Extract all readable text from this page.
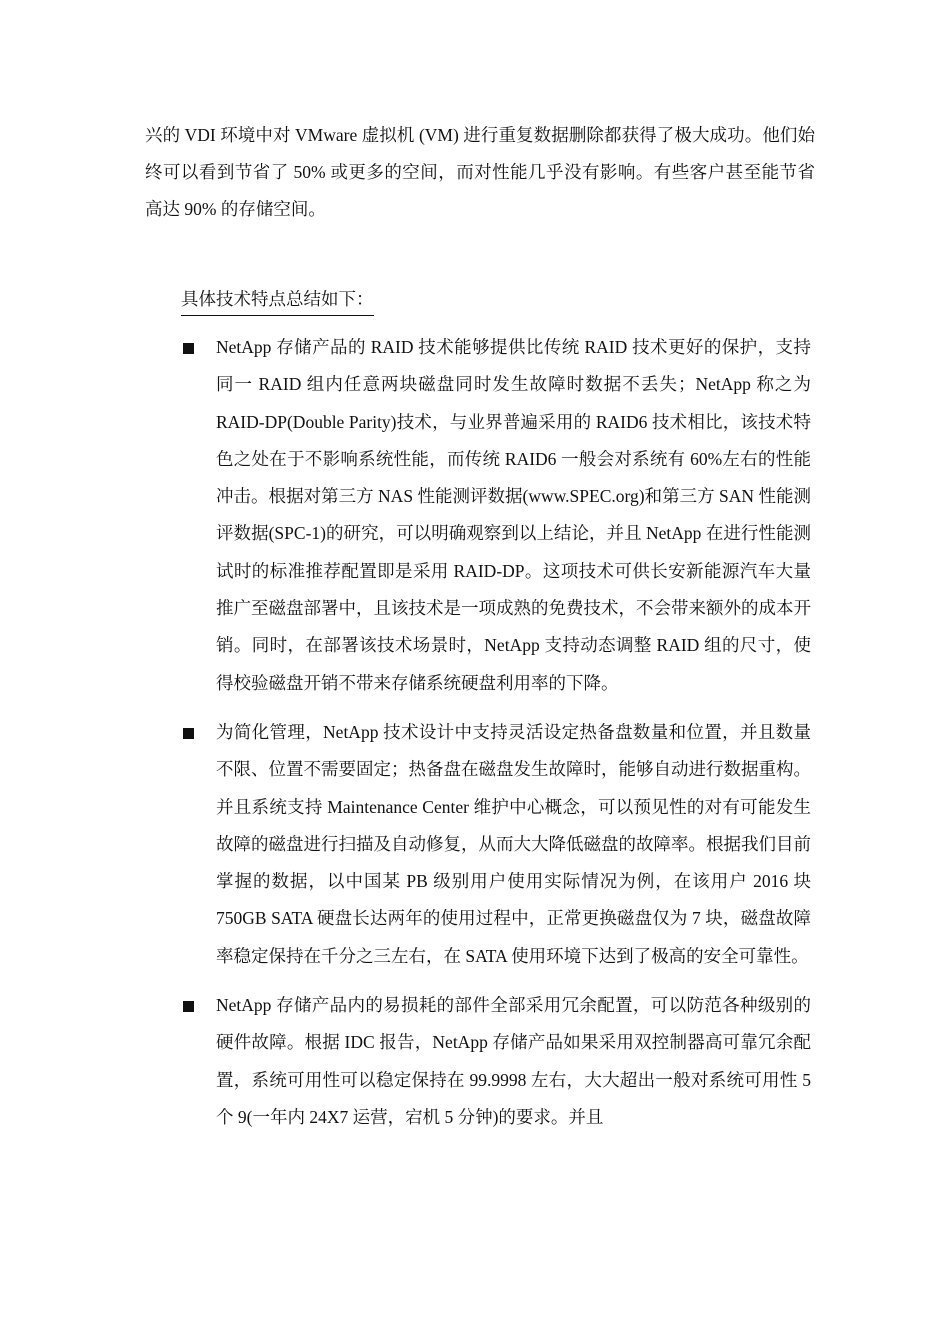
兴的 VDI 环境中对 VMware 虚拟机 (VM) 进行重复数据删除都获得了极大成功。他们始终可以看到节省了 50% 或更多的空间，而对性能几乎没有影响。有些客户甚至能节省高达 90% 的存储空间。

具体技术特点总结如下：

NetApp 存储产品的 RAID 技术能够提供比传统 RAID 技术更好的保护，支持同一 RAID 组内任意两块磁盘同时发生故障时数据不丢失；NetApp 称之为 RAID-DP(Double Parity)技术，与业界普遍采用的 RAID6 技术相比，该技术特色之处在于不影响系统性能，而传统 RAID6 一般会对系统有 60%左右的性能冲击。根据对第三方 NAS 性能测评数据(www.SPEC.org)和第三方 SAN 性能测评数据(SPC-1)的研究，可以明确观察到以上结论，并且 NetApp 在进行性能测试时的标准推荐配置即是采用 RAID-DP。这项技术可供长安新能源汽车大量推广至磁盘部署中，且该技术是一项成熟的免费技术，不会带来额外的成本开销。同时，在部署该技术场景时，NetApp 支持动态调整 RAID 组的尺寸，使得校验磁盘开销不带来存储系统硬盘利用率的下降。
为简化管理，NetApp 技术设计中支持灵活设定热备盘数量和位置，并且数量不限、位置不需要固定；热备盘在磁盘发生故障时，能够自动进行数据重构。并且系统支持 Maintenance Center 维护中心概念，可以预见性的对有可能发生故障的磁盘进行扫描及自动修复，从而大大降低磁盘的故障率。根据我们目前掌握的数据，以中国某 PB 级别用户使用实际情况为例，在该用户 2016 块 750GB SATA 硬盘长达两年的使用过程中，正常更换磁盘仅为 7 块，磁盘故障率稳定保持在千分之三左右，在 SATA 使用环境下达到了极高的安全可靠性。
NetApp 存储产品内的易损耗的部件全部采用冗余配置，可以防范各种级别的硬件故障。根据 IDC 报告，NetApp 存储产品如果采用双控制器高可靠冗余配置，系统可用性可以稳定保持在 99.9998 左右，大大超出一般对系统可用性 5 个 9(一年内 24X7 运营，宕机 5 分钟)的要求。并且
